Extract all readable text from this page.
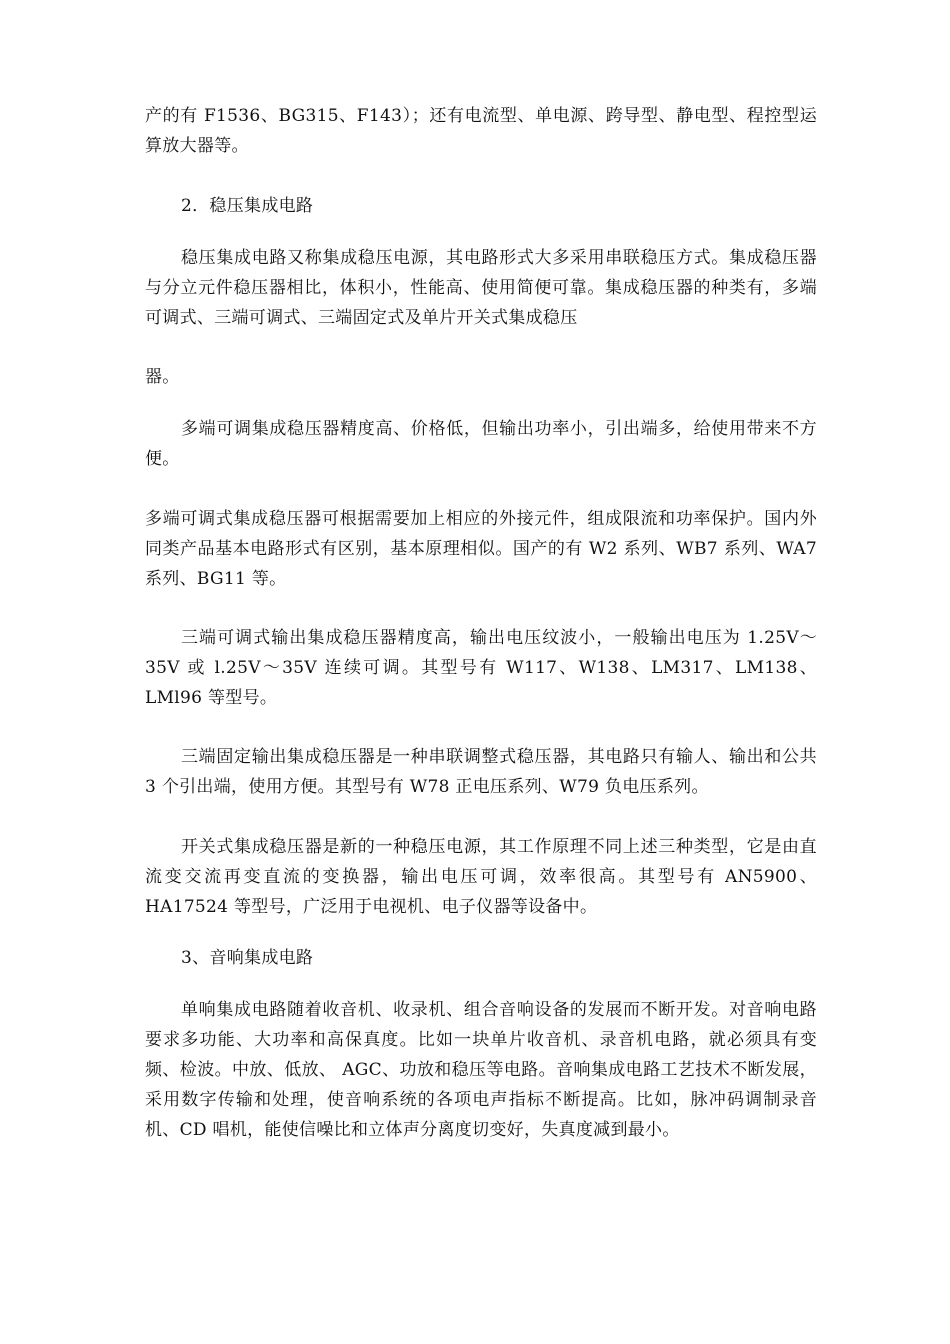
产的有 F1536、BG315、F143）；还有电流型、单电源、跨导型、静电型、程控型运算放大器等。

2．稳压集成电路

稳压集成电路又称集成稳压电源，其电路形式大多采用串联稳压方式。集成稳压器与分立元件稳压器相比，体积小，性能高、使用简便可靠。集成稳压器的种类有，多端可调式、三端可调式、三端固定式及单片开关式集成稳压

器。

多端可调集成稳压器精度高、价格低，但输出功率小，引出端多，给使用带来不方便。

多端可调式集成稳压器可根据需要加上相应的外接元件，组成限流和功率保护。国内外同类产品基本电路形式有区别，基本原理相似。国产的有 W2 系列、WB7 系列、WA7 系列、BG11 等。

三端可调式输出集成稳压器精度高，输出电压纹波小，一般输出电压为 1.25V～35V 或 l.25V～35V 连续可调。其型号有 W117、W138、LM317、LM138、LMl96 等型号。

三端固定输出集成稳压器是一种串联调整式稳压器，其电路只有输人、输出和公共 3 个引出端，使用方便。其型号有 W78 正电压系列、W79 负电压系列。

开关式集成稳压器是新的一种稳压电源，其工作原理不同上述三种类型，它是由直流变交流再变直流的变换器，输出电压可调，效率很高。其型号有 AN5900、HA17524 等型号，广泛用于电视机、电子仪器等设备中。

3、音响集成电路

单响集成电路随着收音机、收录机、组合音响设备的发展而不断开发。对音响电路要求多功能、大功率和高保真度。比如一块单片收音机、录音机电路，就必须具有变频、检波。中放、低放、 AGC、功放和稳压等电路。音响集成电路工艺技术不断发展，采用数字传输和处理，使音响系统的各项电声指标不断提高。比如，脉冲码调制录音机、CD 唱机，能使信噪比和立体声分离度切变好，失真度减到最小。
